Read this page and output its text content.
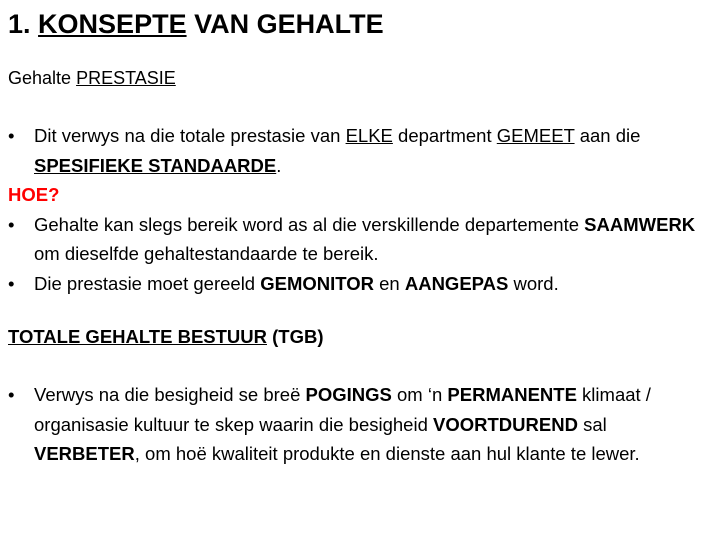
1. KONSEPTE VAN GEHALTE
Gehalte PRESTASIE
• Dit verwys na die totale prestasie van ELKE department GEMEET aan die SPESIFIEKE STANDAARDE.
HOE?
• Gehalte kan slegs bereik word as al die verskillende departemente SAAMWERK om dieselfde gehaltestandaarde te bereik.
• Die prestasie moet gereeld GEMONITOR en AANGEPAS word.
TOTALE GEHALTE BESTUUR (TGB)
• Verwys na die besigheid se breë POGINGS om ‘n PERMANENTE klimaat / organisasie kultuur te skep waarin die besigheid VOORTDUREND sal VERBETER, om hoë kwaliteit produkte en dienste aan hul klante te lewer.
